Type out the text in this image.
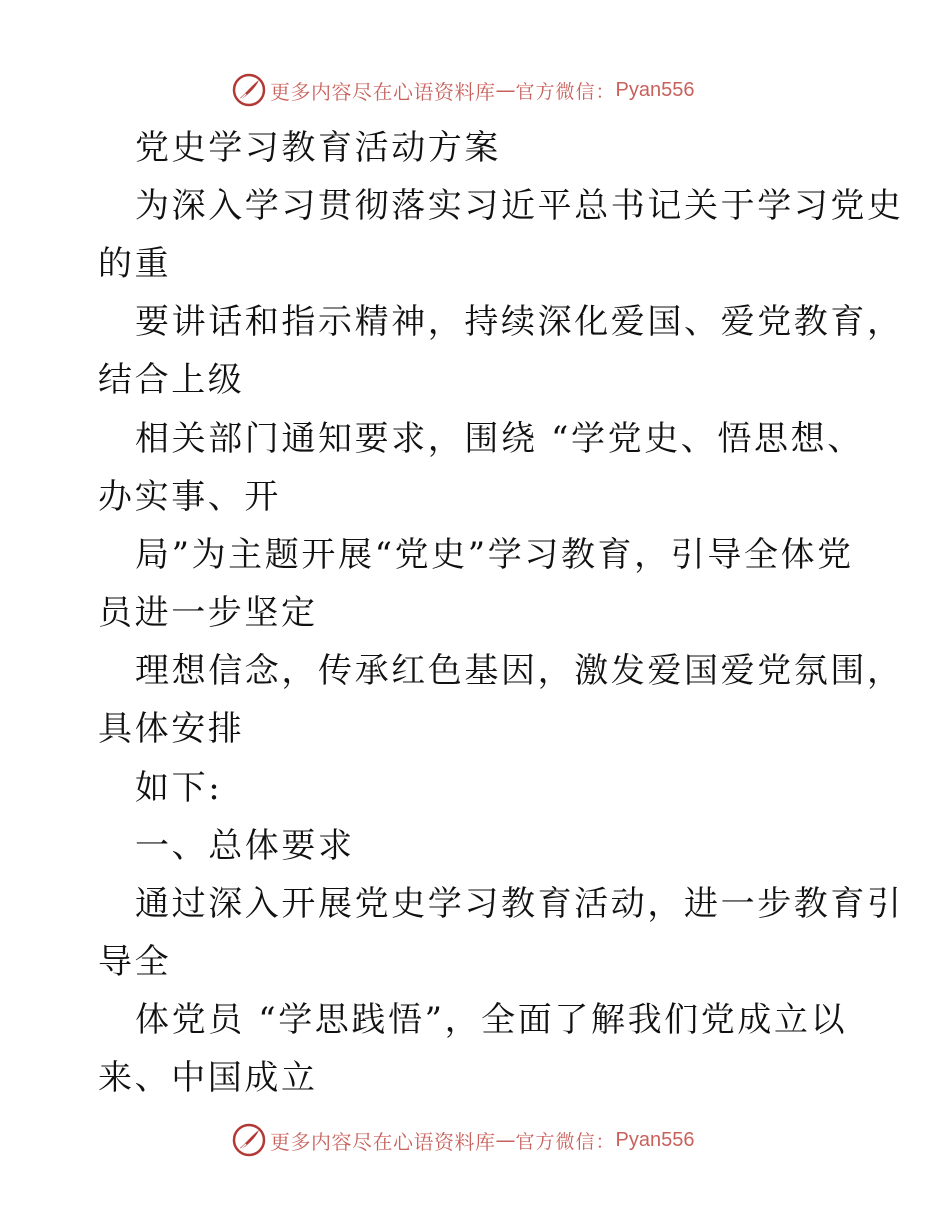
更多内容尽在心语资料库 — 官方微信： Pyan556
党史学习教育活动方案
为深入学习贯彻落实习近平总书记关于学习党史
的重
要讲话和指示精神，持续深化爱国、爱党教育，
结合上级
相关部门通知要求，围绕 “学党史、悟思想、
办实事、开
局”为主题开展“党史”学习教育，引导全体党
员进一步坚定
理想信念，传承红色基因，激发爱国爱党氛围，
具体安排
如下:
一、总体要求
通过深入开展党史学习教育活动，进一步教育引
导全
体党员 “学思践悟”，全面了解我们党成立以
来、中国成立
更多内容尽在心语资料库 — 官方微信： Pyan556
